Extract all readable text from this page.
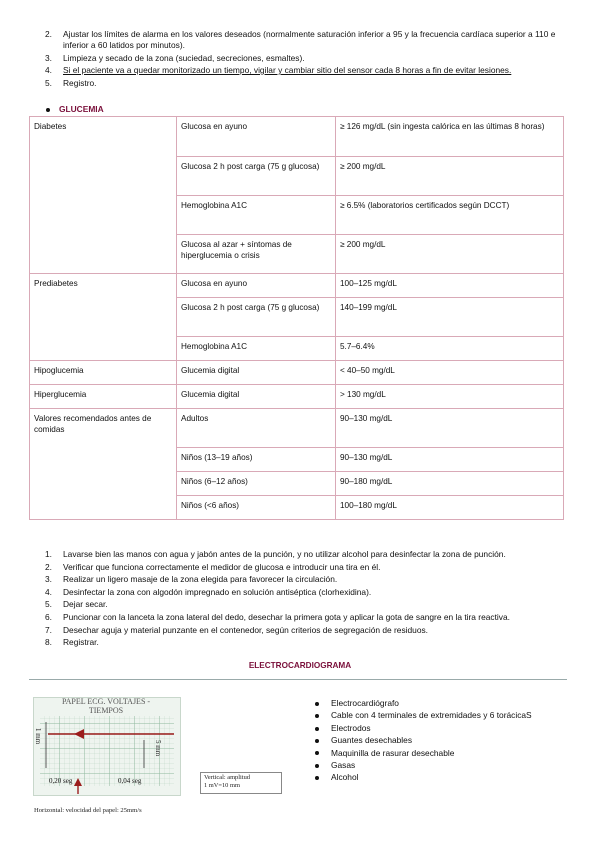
2. Ajustar los límites de alarma en los valores deseados (normalmente saturación inferior a 95 y la frecuencia cardíaca superior a 110 e inferior a 60 latidos por minutos).
3. Limpieza y secado de la zona (suciedad, secreciones, esmaltes).
4. Si el paciente va a quedar monitorizado un tiempo, vigilar y cambiar sitio del sensor cada 8 horas a fin de evitar lesiones.
5. Registro.
GLUCEMIA
Diabetes	Glucosa en ayuno	≥ 126 mg/dL (sin ingesta calórica en las últimas 8 horas)
	Glucosa 2 h post carga (75 g glucosa)	≥ 200 mg/dL
	Hemoglobina A1C	≥ 6.5% (laboratorios certificados según DCCT)
	Glucosa al azar + síntomas de hiperglucemia o crisis	≥ 200 mg/dL
Prediabetes	Glucosa en ayuno	100–125 mg/dL
	Glucosa 2 h post carga (75 g glucosa)	140–199 mg/dL
	Hemoglobina A1C	5.7–6.4%
Hipoglucemia	Glucemia digital	< 40–50 mg/dL
Hiperglucemia	Glucemia digital	> 130 mg/dL
Valores recomendados antes de comidas	Adultos	90–130 mg/dL
	Niños (13–19 años)	90–130 mg/dL
	Niños (6–12 años)	90–180 mg/dL
	Niños (<6 años)	100–180 mg/dL
1.	Lavarse bien las manos con agua y jabón antes de la punción, y no utilizar alcohol para desinfectar la zona de punción.
2.	Verificar que funciona correctamente el medidor de glucosa e introducir una tira en él.
3.	Realizar un ligero masaje de la zona elegida para favorecer la circulación.
4.	Desinfectar la zona con algodón impregnado en solución antiséptica (clorhexidina).
5.	Dejar secar.
6.	Puncionar con la lanceta la zona lateral del dedo, desechar la primera gota y aplicar la gota de sangre en la tira reactiva.
7.	Desechar aguja y material punzante en el contenedor, según criterios de segregación de residuos.
8.	Registrar.
ELECTROCARDIOGRAMA
1 mm
5 mm
0,20 seg	0,04 seg
PAPEL ECG. VOLTAJES -
TIEMPOS
Vertical: amplitud
1 mV=10 mm
Horizontal: velocidad del papel: 25mm/s
Electrocardiógrafo
Cable con 4 terminales de extremidades y 6 torácicaS
Electrodos
Guantes desechables
Maquinilla de rasurar desechable
Gasas
Alcohol
